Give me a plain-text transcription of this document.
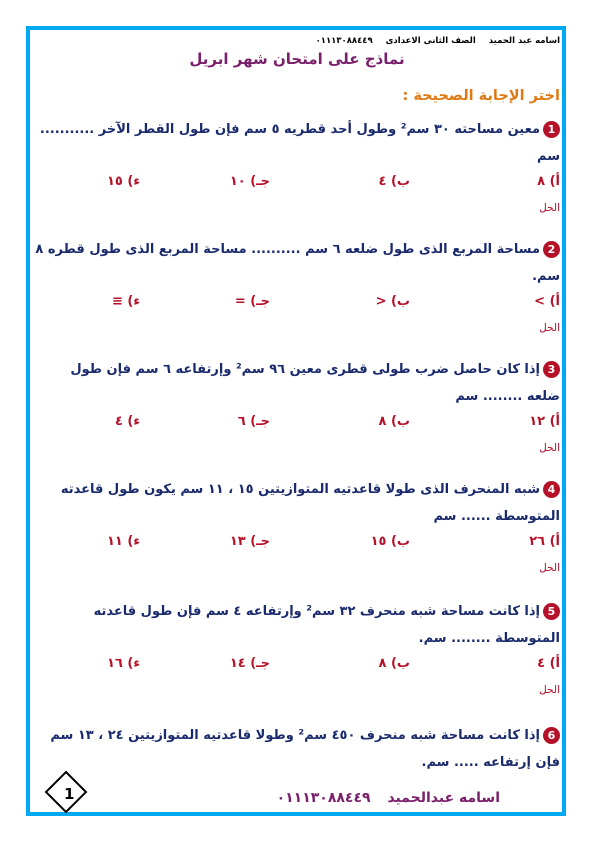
اسامه عبد الحميد الصف الثانى الاعدادى ٠١١١٣٠٨٨٤٤٩
نماذج على امتحان شهر ابريل
اختر الإجابة الصحيحة :
1معين مساحته ٣٠ سم² وطول أحد قطريه ٥ سم فإن طول القطر الآخر ........... سم
أ) ٨
ب) ٤
جـ) ١٠
ء) ١٥
الحل
2مساحة المربع الذى طول ضلعه ٦ سم .......... مساحة المربع الذى طول قطره ٨ سم.
أ) >
ب) <
جـ) =
ء) ≡
الحل
3إذا كان حاصل ضرب طولى قطرى معين ٩٦ سم² وإرتفاعه ٦ سم فإن طول ضلعه ........ سم
أ) ١٢
ب) ٨
جـ) ٦
ء) ٤
الحل
4شبه المنحرف الذى طولا قاعدتيه المتوازيتين ١٥ ، ١١ سم يكون طول قاعدته المتوسطة ...... سم
أ) ٢٦
ب) ١٥
جـ) ١٣
ء) ١١
الحل
5إذا كانت مساحة شبه منحرف ٣٢ سم² وإرتفاعه ٤ سم فإن طول قاعدته المتوسطة ........ سم.
أ) ٤
ب) ٨
جـ) ١٤
ء) ١٦
الحل
6إذا كانت مساحة شبه منحرف ٤٥٠ سم² وطولا قاعدتيه المتوازيتين ٢٤ ، ١٣ سم فإن إرتفاعه ..... سم.
اسامه عبدالحميد ٠١١١٣٠٨٨٤٤٩
1
